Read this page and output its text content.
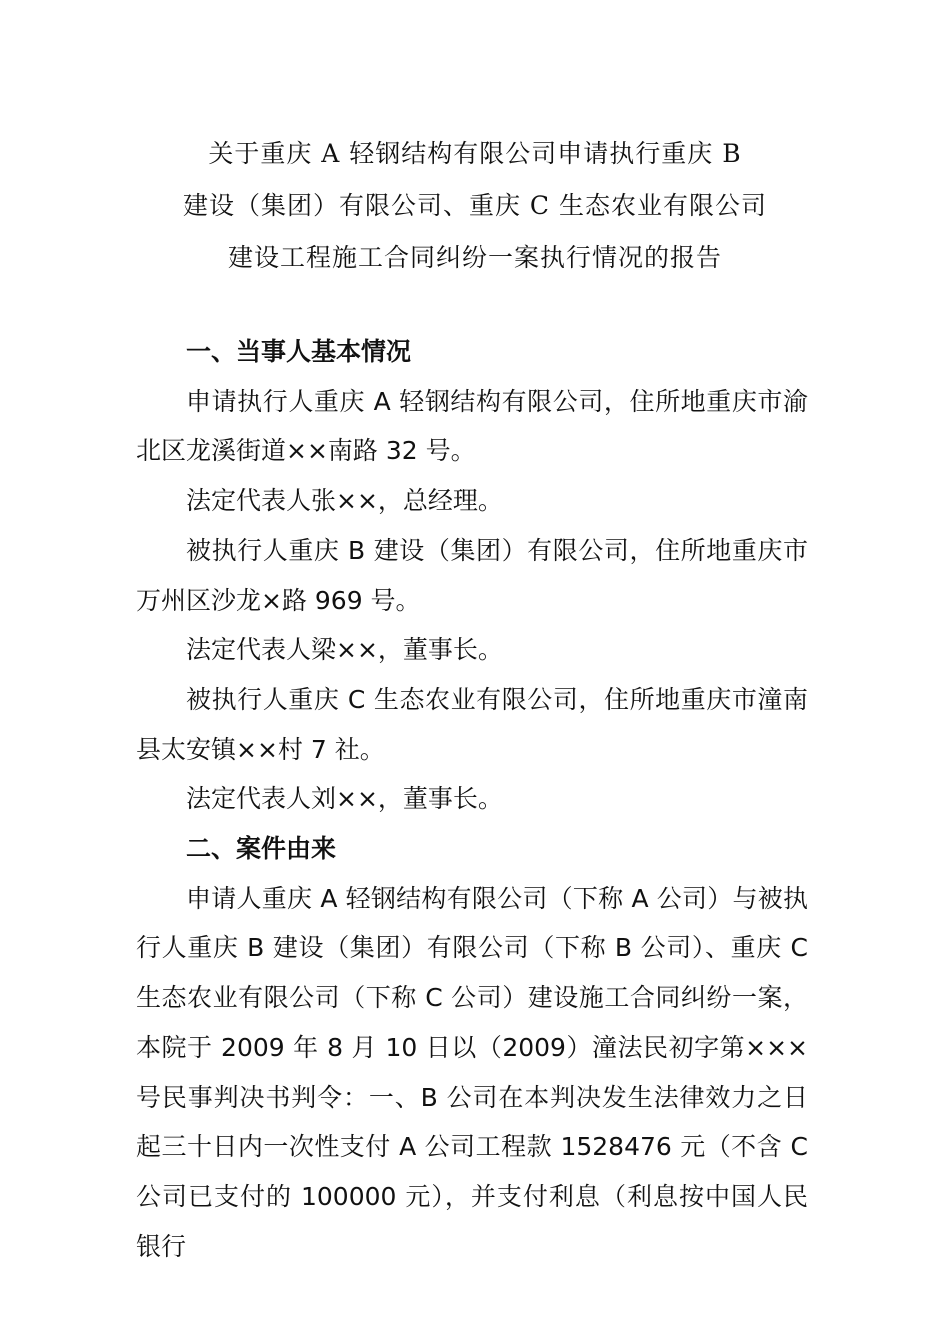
关于重庆 A 轻钢结构有限公司申请执行重庆 B
建设（集团）有限公司、重庆 C 生态农业有限公司
建设工程施工合同纠纷一案执行情况的报告

一、当事人基本情况

申请执行人重庆 A 轻钢结构有限公司，住所地重庆市渝北区龙溪街道××南路 32 号。

法定代表人张××，总经理。

被执行人重庆 B 建设（集团）有限公司，住所地重庆市万州区沙龙×路 969 号。

法定代表人梁××，董事长。

被执行人重庆 C 生态农业有限公司，住所地重庆市潼南县太安镇××村 7 社。

法定代表人刘××，董事长。

二、案件由来

申请人重庆 A 轻钢结构有限公司（下称 A 公司）与被执行人重庆 B 建设（集团）有限公司（下称 B 公司）、重庆 C 生态农业有限公司（下称 C 公司）建设施工合同纠纷一案，本院于 2009 年 8 月 10 日以（2009）潼法民初字第×××号民事判决书判令：一、B 公司在本判决发生法律效力之日起三十日内一次性支付 A 公司工程款 1528476 元（不含 C 公司已支付的 100000 元），并支付利息（利息按中国人民银行
